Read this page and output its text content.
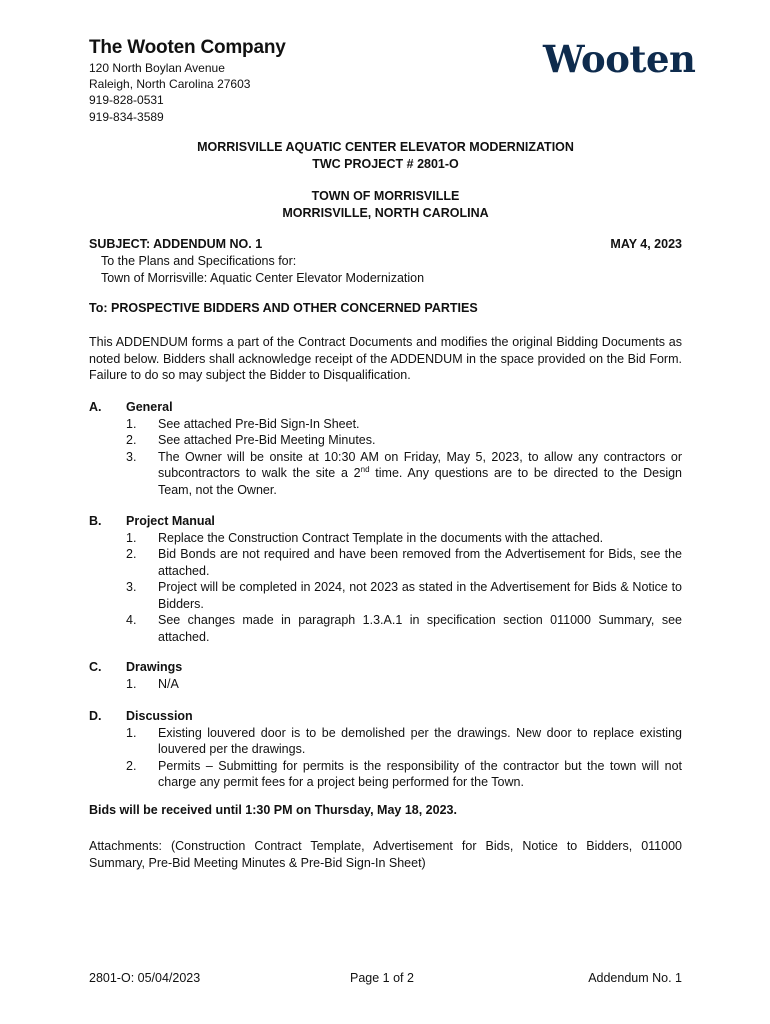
The Wooten Company
120 North Boylan Avenue
Raleigh, North Carolina 27603
919-828-0531
919-834-3589
Wooten
MORRISVILLE AQUATIC CENTER ELEVATOR MODERNIZATION
TWC PROJECT # 2801-O
TOWN OF MORRISVILLE
MORRISVILLE, NORTH CAROLINA
SUBJECT: ADDENDUM NO. 1	MAY 4, 2023
To the Plans and Specifications for:
Town of Morrisville: Aquatic Center Elevator Modernization
To: PROSPECTIVE BIDDERS AND OTHER CONCERNED PARTIES
This ADDENDUM forms a part of the Contract Documents and modifies the original Bidding Documents as noted below. Bidders shall acknowledge receipt of the ADDENDUM in the space provided on the Bid Form. Failure to do so may subject the Bidder to Disqualification.
A. General
1. See attached Pre-Bid Sign-In Sheet.
2. See attached Pre-Bid Meeting Minutes.
3. The Owner will be onsite at 10:30 AM on Friday, May 5, 2023, to allow any contractors or subcontractors to walk the site a 2nd time. Any questions are to be directed to the Design Team, not the Owner.
B. Project Manual
1. Replace the Construction Contract Template in the documents with the attached.
2. Bid Bonds are not required and have been removed from the Advertisement for Bids, see the attached.
3. Project will be completed in 2024, not 2023 as stated in the Advertisement for Bids & Notice to Bidders.
4. See changes made in paragraph 1.3.A.1 in specification section 011000 Summary, see attached.
C. Drawings
1. N/A
D. Discussion
1. Existing louvered door is to be demolished per the drawings. New door to replace existing louvered per the drawings.
2. Permits – Submitting for permits is the responsibility of the contractor but the town will not charge any permit fees for a project being performed for the Town.
Bids will be received until 1:30 PM on Thursday, May 18, 2023.
Attachments: (Construction Contract Template, Advertisement for Bids, Notice to Bidders, 011000 Summary, Pre-Bid Meeting Minutes & Pre-Bid Sign-In Sheet)
2801-O: 05/04/2023	Page 1 of 2	Addendum No. 1
